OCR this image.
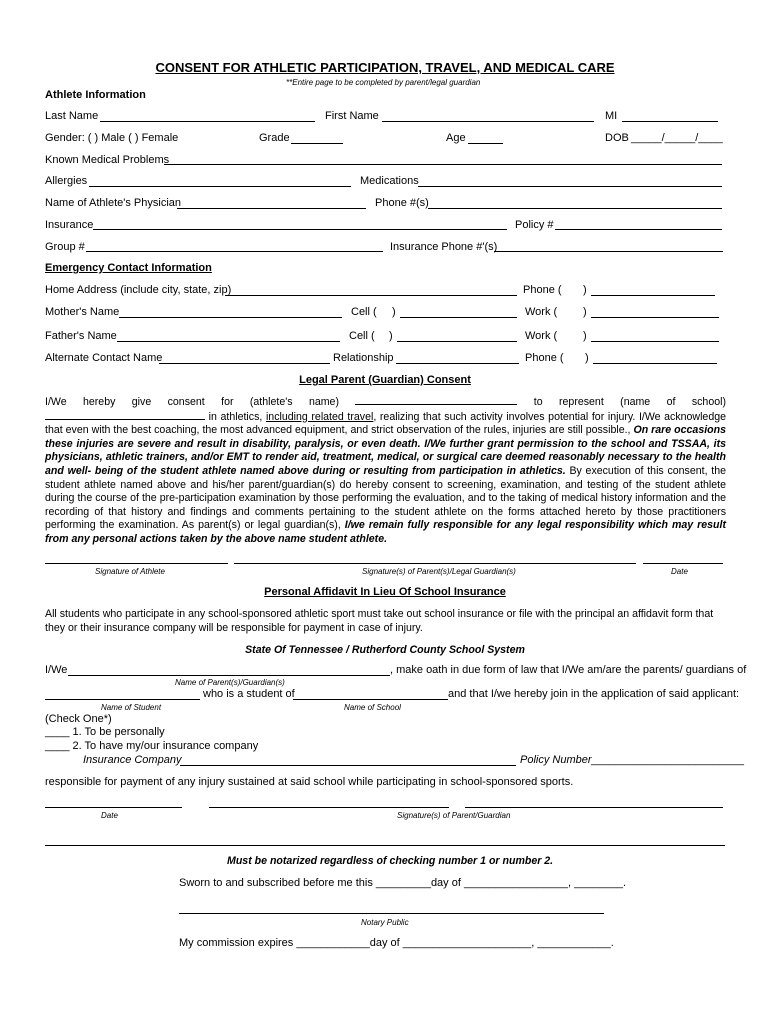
CONSENT FOR ATHLETIC PARTICIPATION, TRAVEL, AND MEDICAL CARE
**Entire page to be completed by parent/legal guardian
Athlete Information
Last Name	First Name	MI
Gender: ( ) Male ( ) Female	Grade	Age	DOB _____/_____/____
Known Medical Problems
Allergies	Medications
Name of Athlete's Physician	Phone #(s)
Insurance	Policy #
Group #	Insurance Phone #'(s)
Emergency Contact Information
Home Address (include city, state, zip)	Phone ( )
Mother's Name	Cell ( )	Work ( )
Father's Name	Cell ( )	Work ( )
Alternate Contact Name	Relationship	Phone ( )
Legal Parent (Guardian) Consent
I/We hereby give consent for (athlete's name)	to represent (name of school)  in athletics, including related travel, realizing that such activity involves potential for injury. I/We acknowledge that even with the best coaching, the most advanced equipment, and strict observation of the rules, injuries are still possible., On rare occasions these injuries are severe and result in disability, paralysis, or even death. I/We further grant permission to the school and TSSAA, its physicians, athletic trainers, and/or EMT to render aid, treatment, medical, or surgical care deemed reasonably necessary to the health and well- being of the student athlete named above during or resulting from participation in athletics. By execution of this consent, the student athlete named above and his/her parent/guardian(s) do hereby consent to screening, examination, and testing of the student athlete during the course of the pre-participation examination by those performing the evaluation, and to the taking of medical history information and the recording of that history and findings and comments pertaining to the student athlete on the forms attached hereto by those practitioners performing the examination. As parent(s) or legal guardian(s), I/we remain fully responsible for any legal responsibility which may result from any personal actions taken by the above name student athlete.
Signature of Athlete	Signature(s) of Parent(s)/Legal Guardian(s)	Date
Personal Affidavit In Lieu Of School Insurance
All students who participate in any school-sponsored athletic sport must take out school insurance or file with the principal an affidavit form that they or their insurance company will be responsible for payment in case of injury.
State Of Tennessee / Rutherford County School System
I/We	, make oath in due form of law that I/We am/are the parents/ guardians of
Name of Parent(s)/Guardian(s)
who is a student of	and that I/we hereby join in the application of said applicant:
Name of Student	Name of School
(Check One*)
____ 1. To be personally
____ 2. To have my/our insurance company
Insurance Company	Policy Number _________________________
responsible for payment of any injury sustained at said school while participating in school-sponsored sports.
Date	Signature(s) of Parent/Guardian
Must be notarized regardless of checking number 1 or number 2.
Sworn to and subscribed before me this _________day of _________________, ________.
Notary Public
My commission expires ____________day of _____________________, ____________.
